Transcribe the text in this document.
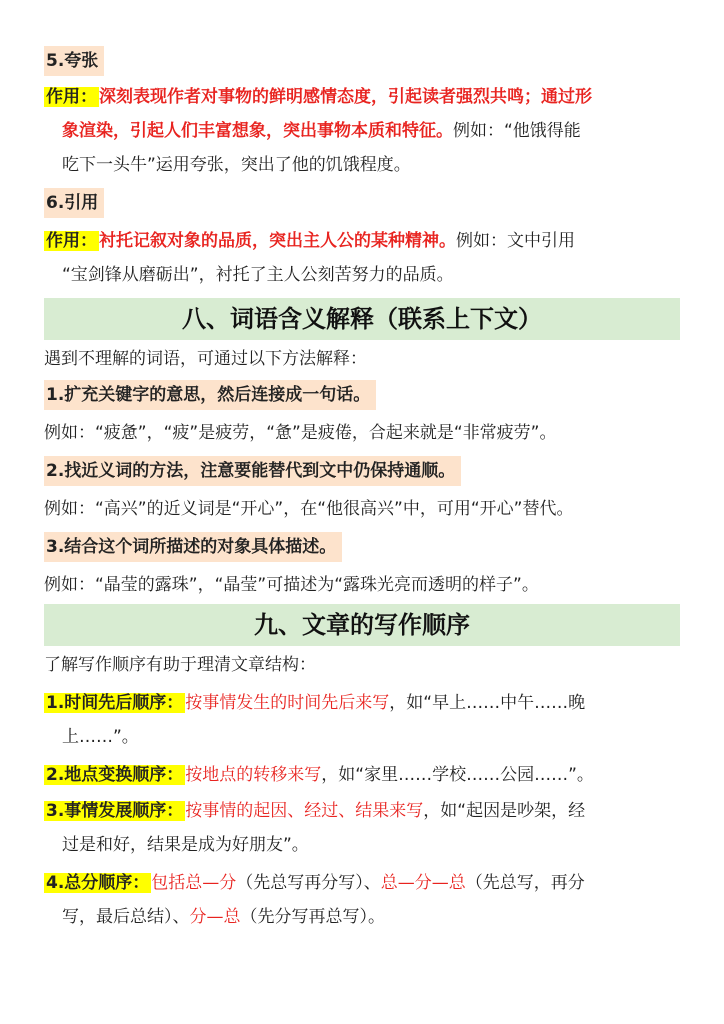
5.夸张

作用： 深刻表现作者对事物的鲜明感情态度，引起读者强烈共鸣；通过形

象渲染，引起人们丰富想象，突出事物本质和特征。例如：“他饿得能

吃下一头牛”运用夸张，突出了他的饥饿程度。

6.引用

作用： 衬托记叙对象的品质，突出主人公的某种精神。例如：文中引用

“宝剑锋从磨砺出”，衬托了主人公刻苦努力的品质。

八、词语含义解释（联系上下文）

遇到不理解的词语，可通过以下方法解释：

1.扩充关键字的意思，然后连接成一句话。

例如：“疲惫”，“疲”是疲劳，“惫”是疲倦，合起来就是“非常疲劳”。

2.找近义词的方法，注意要能替代到文中仍保持通顺。

例如：“高兴”的近义词是“开心”，在“他很高兴”中，可用“开心”替代。

3.结合这个词所描述的对象具体描述。

例如：“晶莹的露珠”，“晶莹”可描述为“露珠光亮而透明的样子”。

九、文章的写作顺序

了解写作顺序有助于理清文章结构：

1.时间先后顺序： 按事情发生的时间先后来写，如“早上……中午……晚

上……”。

2.地点变换顺序： 按地点的转移来写，如“家里……学校……公园……”。

3.事情发展顺序： 按事情的起因、经过、结果来写，如“起因是吵架，经

过是和好，结果是成为好朋友”。

4.总分顺序： 包括总—分（先总写再分写）、总—分—总（先总写，再分

写，最后总结）、分—总（先分写再总写）。
